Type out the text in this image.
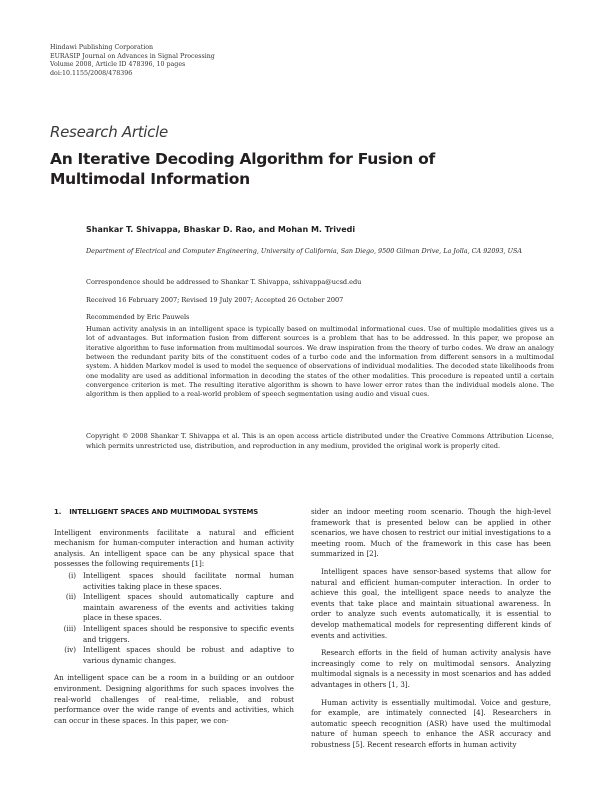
Hindawi Publishing Corporation
EURASIP Journal on Advances in Signal Processing
Volume 2008, Article ID 478396, 10 pages
doi:10.1155/2008/478396
Research Article
An Iterative Decoding Algorithm for Fusion of Multimodal Information
Shankar T. Shivappa, Bhaskar D. Rao, and Mohan M. Trivedi
Department of Electrical and Computer Engineering, University of California, San Diego, 9500 Gilman Drive, La Jolla, CA 92093, USA
Correspondence should be addressed to Shankar T. Shivappa, sshivappa@ucsd.edu
Received 16 February 2007; Revised 19 July 2007; Accepted 26 October 2007
Recommended by Eric Pauwels
Human activity analysis in an intelligent space is typically based on multimodal informational cues. Use of multiple modalities gives us a lot of advantages. But information fusion from different sources is a problem that has to be addressed. In this paper, we propose an iterative algorithm to fuse information from multimodal sources. We draw inspiration from the theory of turbo codes. We draw an analogy between the redundant parity bits of the constituent codes of a turbo code and the information from different sensors in a multimodal system. A hidden Markov model is used to model the sequence of observations of individual modalities. The decoded state likelihoods from one modality are used as additional information in decoding the states of the other modalities. This procedure is repeated until a certain convergence criterion is met. The resulting iterative algorithm is shown to have lower error rates than the individual models alone. The algorithm is then applied to a real-world problem of speech segmentation using audio and visual cues.
Copyright © 2008 Shankar T. Shivappa et al. This is an open access article distributed under the Creative Commons Attribution License, which permits unrestricted use, distribution, and reproduction in any medium, provided the original work is properly cited.
1. INTELLIGENT SPACES AND MULTIMODAL SYSTEMS

Intelligent environments facilitate a natural and efficient mechanism for human-computer interaction and human activity analysis. An intelligent space can be any physical space that possesses the following requirements [1]:

(i) Intelligent spaces should facilitate normal human activities taking place in these spaces.
(ii) Intelligent spaces should automatically capture and maintain awareness of the events and activities taking place in these spaces.
(iii) Intelligent spaces should be responsive to specific events and triggers.
(iv) Intelligent spaces should be robust and adaptive to various dynamic changes.

An intelligent space can be a room in a building or an outdoor environment. Designing algorithms for such spaces involves the real-world challenges of real-time, reliable, and robust performance over the wide range of events and activities, which can occur in these spaces. In this paper, we con-

sider an indoor meeting room scenario. Though the high-level framework that is presented below can be applied in other scenarios, we have chosen to restrict our initial investigations to a meeting room. Much of the framework in this case has been summarized in [2].

Intelligent spaces have sensor-based systems that allow for natural and efficient human-computer interaction. In order to achieve this goal, the intelligent space needs to analyze the events that take place and maintain situational awareness. In order to analyze such events automatically, it is essential to develop mathematical models for representing different kinds of events and activities.

Research efforts in the field of human activity analysis have increasingly come to rely on multimodal sensors. Analyzing multimodal signals is a necessity in most scenarios and has added advantages in others [1, 3].

Human activity is essentially multimodal. Voice and gesture, for example, are intimately connected [4]. Researchers in automatic speech recognition (ASR) have used the multimodal nature of human speech to enhance the ASR accuracy and robustness [5]. Recent research efforts in human activity
